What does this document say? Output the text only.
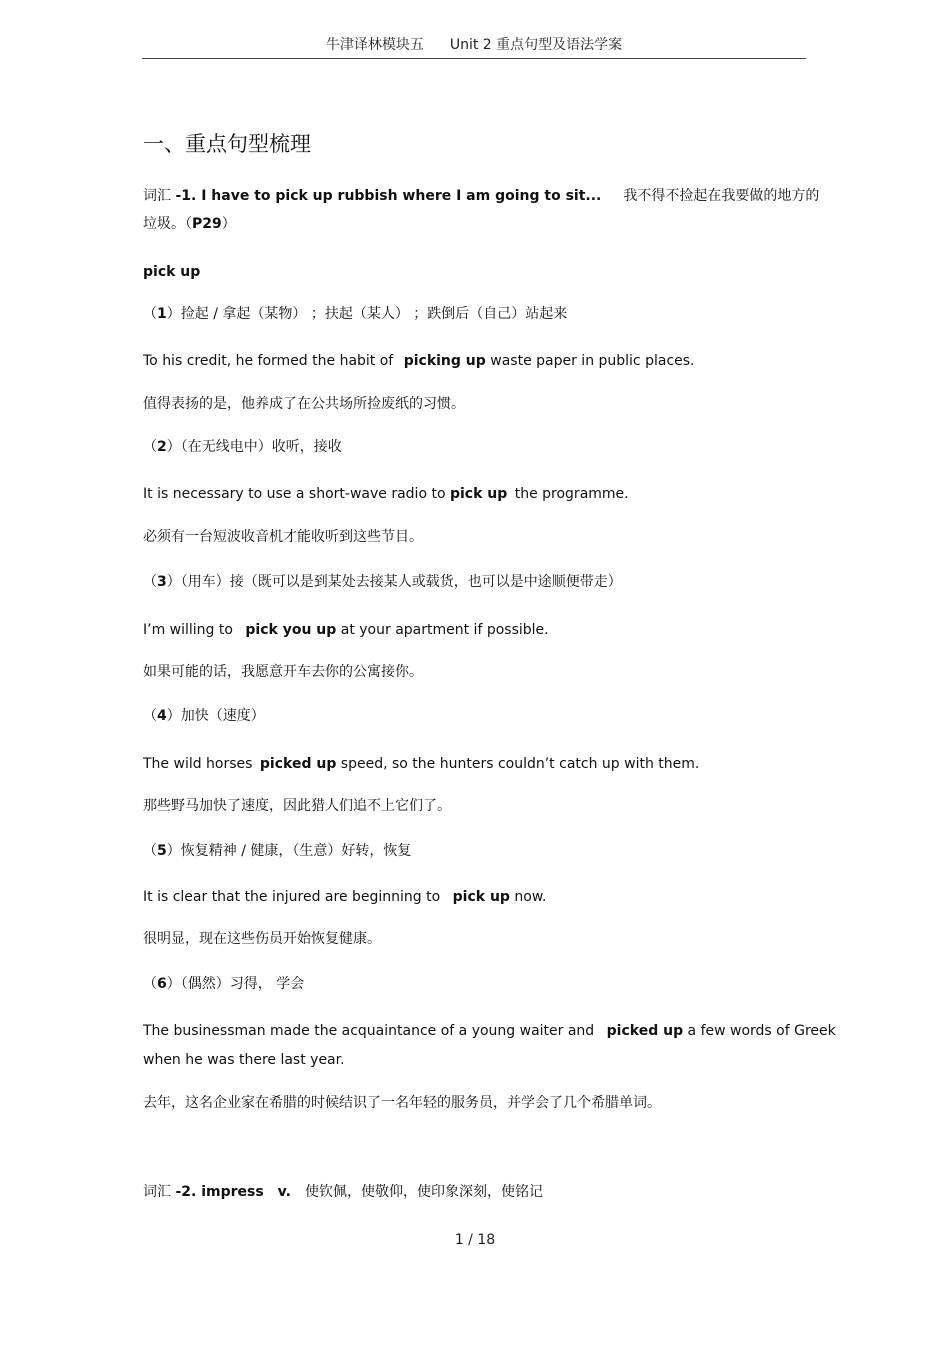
牛津译林模块五 Unit 2 重点句型及语法学案
一、重点句型梳理
词汇 -1. I have to pick up rubbish where I am going to sit... 我不得不捡起在我要做的地方的
垃圾。（P29）
pick up
（1）捡起 / 拿起（某物） ；扶起（某人） ；跌倒后（自己）站起来
To his credit, he formed the habit of picking up waste paper in public places.
值得表扬的是，他养成了在公共场所捡废纸的习惯。
（2）（在无线电中）收听，接收
It is necessary to use a short-wave radio to pick up the programme.
必须有一台短波收音机才能收听到这些节目。
（3）（用车）接（既可以是到某处去接某人或载货，也可以是中途顺便带走）
I’m willing to pick you up at your apartment if possible.
如果可能的话，我愿意开车去你的公寓接你。
（4）加快（速度）
The wild horses picked up speed, so the hunters couldn’t catch up with them.
那些野马加快了速度，因此猎人们追不上它们了。
（5）恢复精神 / 健康，（生意）好转，恢复
It is clear that the injured are beginning to pick up now.
很明显，现在这些伤员开始恢复健康。
（6）（偶然）习得， 学会
The businessman made the acquaintance of a young waiter and picked up a few words of Greek
when he was there last year.
去年，这名企业家在希腊的时候结识了一名年轻的服务员，并学会了几个希腊单词。
词汇 -2. impress v. 使钦佩，使敬仰，使印象深刻，使铭记
1 / 18
